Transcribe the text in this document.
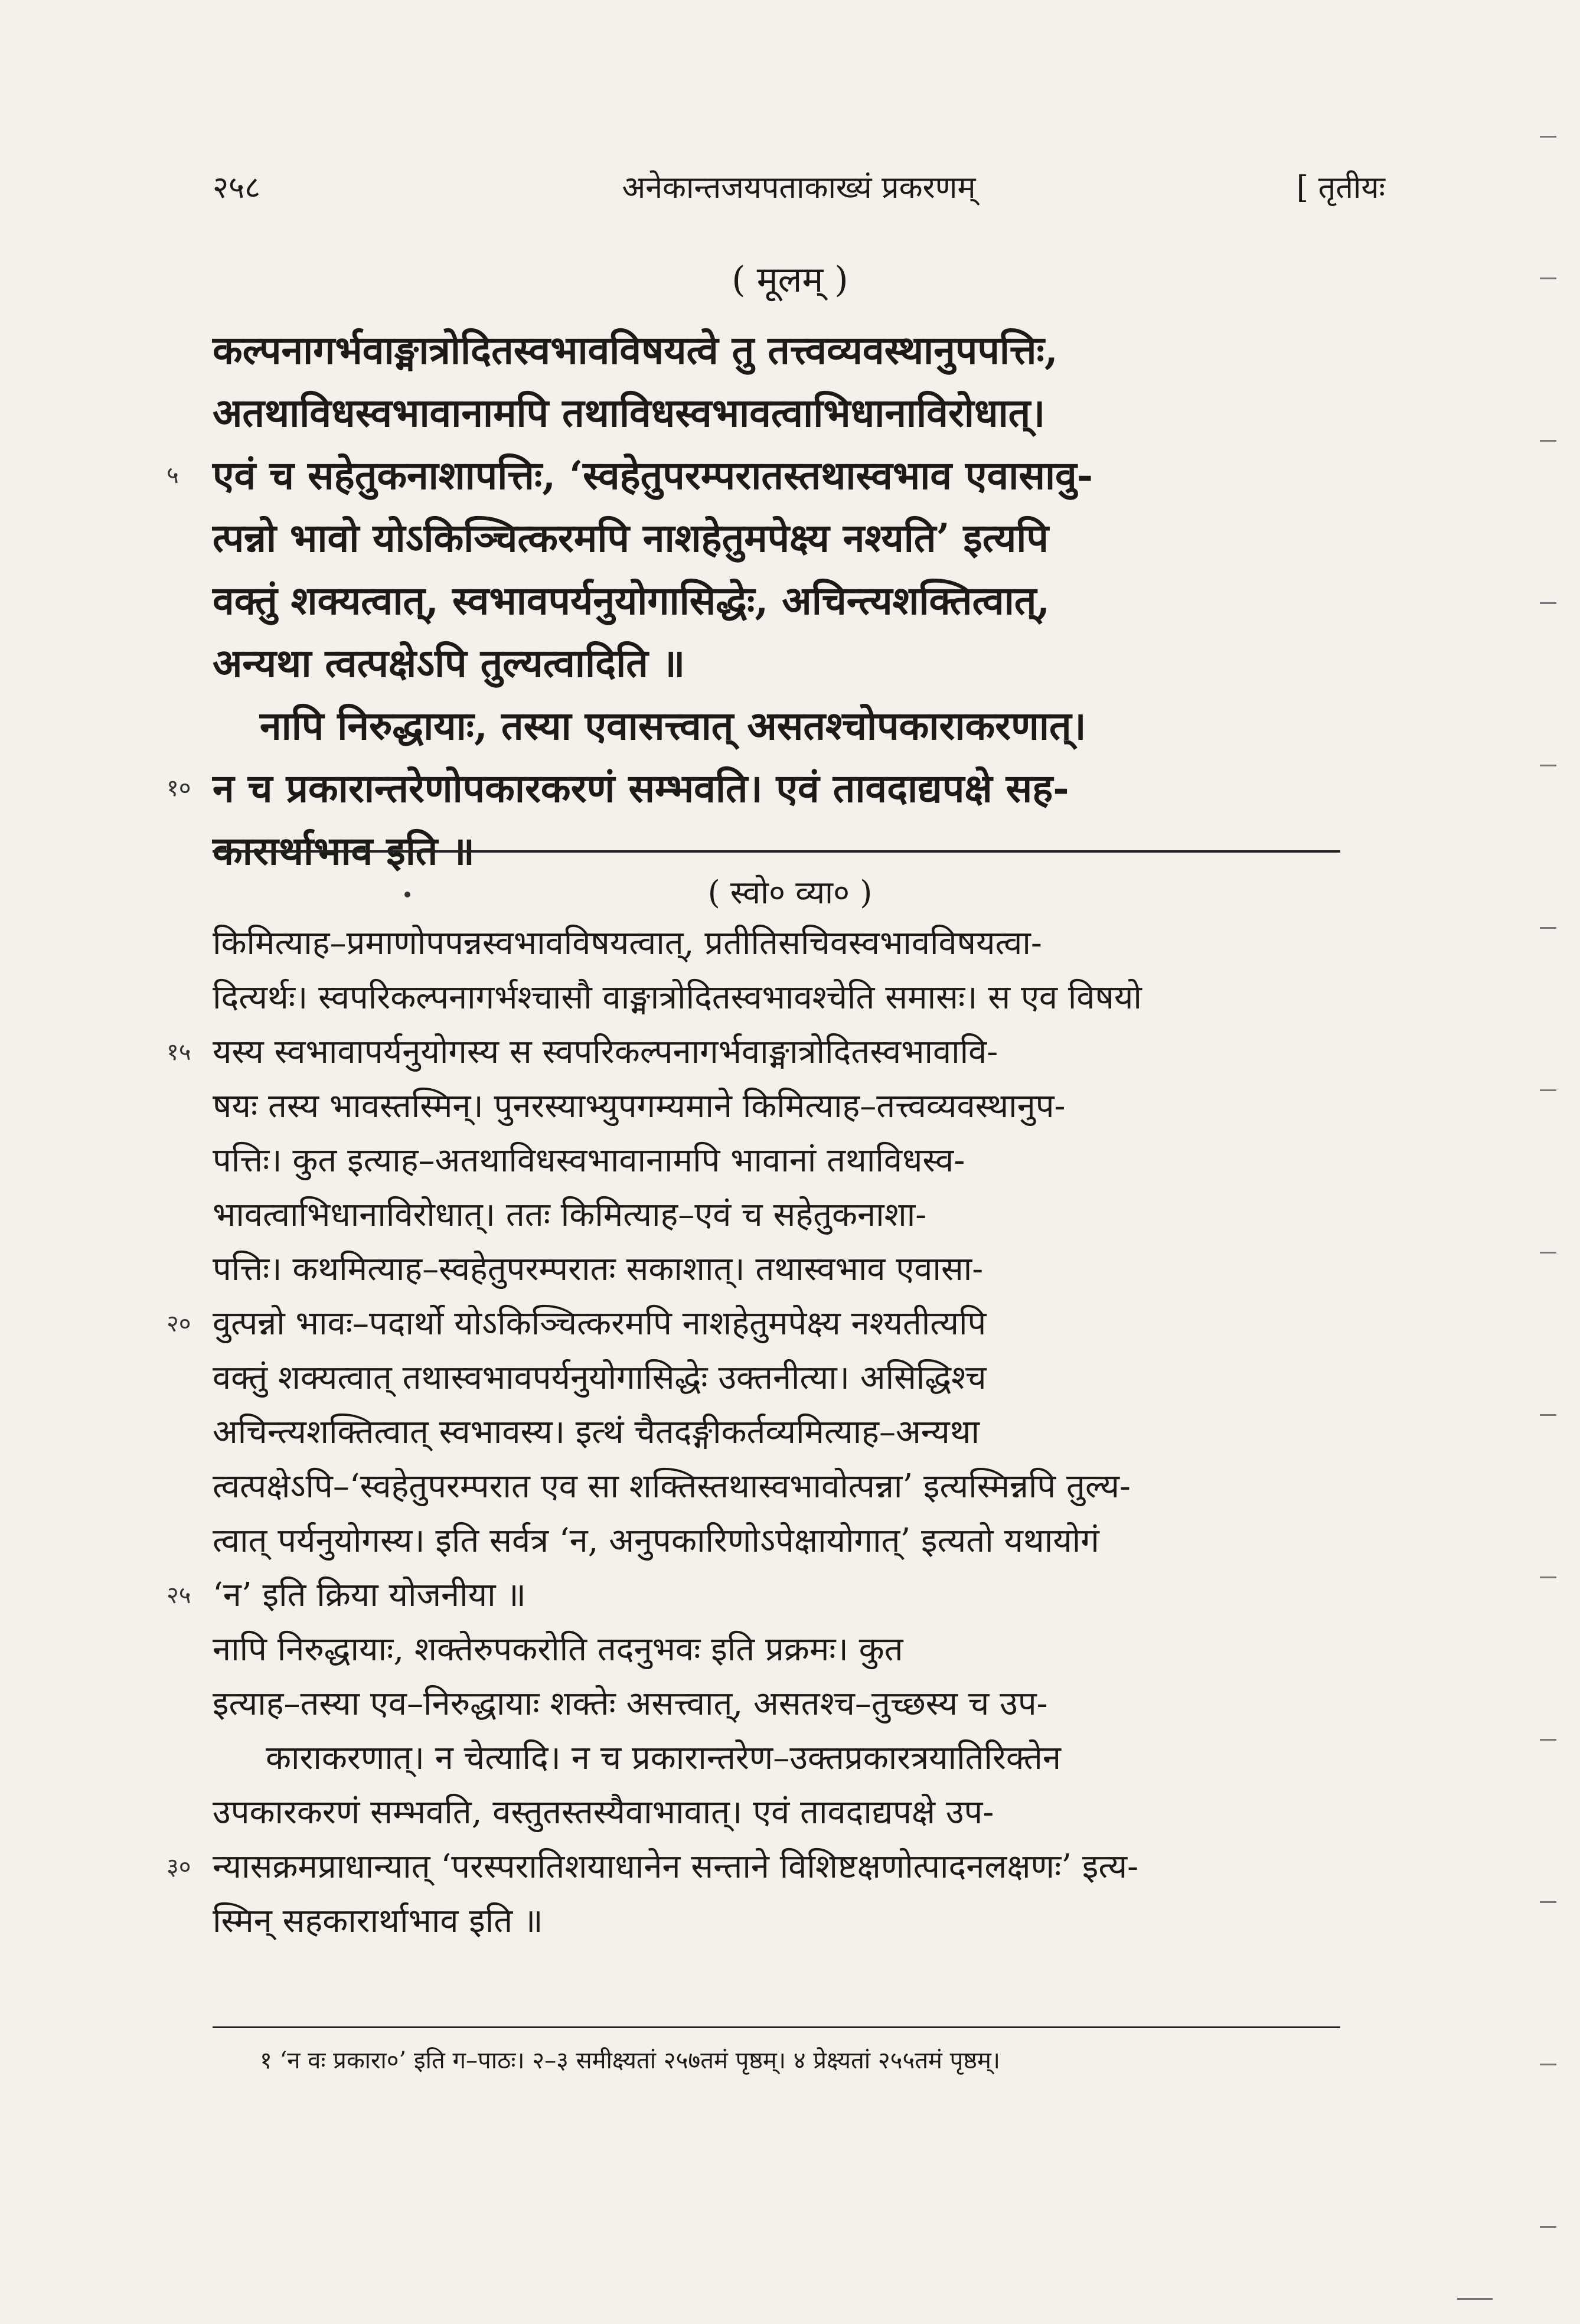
२५८	अनेकान्तजयपताकाख्यं प्रकरणम्	[ तृतीयः
( मूलम् )
कल्पनागर्भवाङ्मात्रोदितस्वभावविषयत्वे तु तत्त्वव्यवस्थानुपपत्तिः,
अतथाविधस्वभावानामपि तथाविधस्वभावत्वाभिधानाविरोधात्।
५ एवं च सहेतुकनाशापत्तिः, ‘स्वहेतुपरम्परातस्तथास्वभाव एवासावु-
त्पन्नो भावो योऽकिञ्चित्करमपि नाशहेतुमपेक्ष्य नश्यति’ इत्यपि
वक्तुं शक्यत्वात्, स्वभावपर्यनुयोगासिद्धेः, अचिन्त्यशक्तित्वात्,
अन्यथा त्वत्पक्षेऽपि तुल्यत्वादिति ॥
नापि निरुद्धायाः, तस्या एवासत्त्वात् असतश्चोपकाराकरणात्।
१० न च प्रकारान्तरेणोपकारकरणं सम्भवति। एवं तावदाद्यपक्षे सह-
कारार्थाभाव इति ॥
( स्वो० व्या० )
किमित्याह–प्रमाणोपपन्नस्वभावविषयत्वात्, प्रतीतिसचिवस्वभावविषयत्वा-
दित्यर्थः। स्वपरिकल्पनागर्भश्चासौ वाङ्मात्रोदितस्वभावश्चेति समासः। स एव विषयो
१५ यस्य स्वभावापर्यनुयोगस्य स स्वपरिकल्पनागर्भवाङ्मात्रोदितस्वभावावि-
षयः तस्य भावस्तस्मिन्। पुनरस्याभ्युपगम्यमाने किमित्याह–तत्त्वव्यवस्थानुप-
पत्तिः। कुत इत्याह–अतथाविधस्वभावानामपि भावानां तथाविधस्व-
भावत्वाभिधानाविरोधात्। ततः किमित्याह–एवं च सहेतुकनाशा-
पत्तिः। कथमित्याह–स्वहेतुपरम्परातः सकाशात्। तथास्वभाव एवासा-
२० वुत्पन्नो भावः–पदार्थो योऽकिञ्चित्करमपि नाशहेतुमपेक्ष्य नश्यतीत्यपि
वक्तुं शक्यत्वात् तथास्वभावपर्यनुयोगासिद्धेः उक्तनीत्या। असिद्धिश्च
अचिन्त्यशक्तित्वात् स्वभावस्य। इत्थं चैतदङ्गीकर्तव्यमित्याह–अन्यथा
त्वत्पक्षेऽपि–‘स्वहेतुपरम्परात एव सा शक्तिस्तथास्वभावोत्पन्ना’ इत्यस्मिन्नपि तुल्य-
त्वात् पर्यनुयोगस्य। इति सर्वत्र ‘न, अनुपकारिणोऽपेक्षायोगात्’ इत्यतो यथायोगं
२५ ‘न’ इति क्रिया योजनीया ॥
नापि निरुद्धायाः, शक्तेरुपकरोति तदनुभवः इति प्रक्रमः। कुत
इत्याह–तस्या एव–निरुद्धायाः शक्तेः असत्त्वात्, असतश्च–तुच्छस्य च उप-
काराकरणात्। न चेत्यादि। न च प्रकारान्तरेण–उक्तप्रकारत्रयातिरिक्तेन
उपकारकरणं सम्भवति, वस्तुतस्तस्यैवाभावात्। एवं तावदाद्यपक्षे उप-
३० न्यासक्रमप्राधान्यात् ‘परस्परातिशयाधानेन सन्ताने विशिष्टक्षणोत्पादनलक्षणः’ इत्य-
स्मिन् सहकारार्थाभाव इति ॥
१ ‘न वः प्रकारा०’ इति ग–पाठः। २–३ समीक्ष्यतां २५७तमं पृष्ठम्। ४ प्रेक्ष्यतां २५५तमं पृष्ठम्।
